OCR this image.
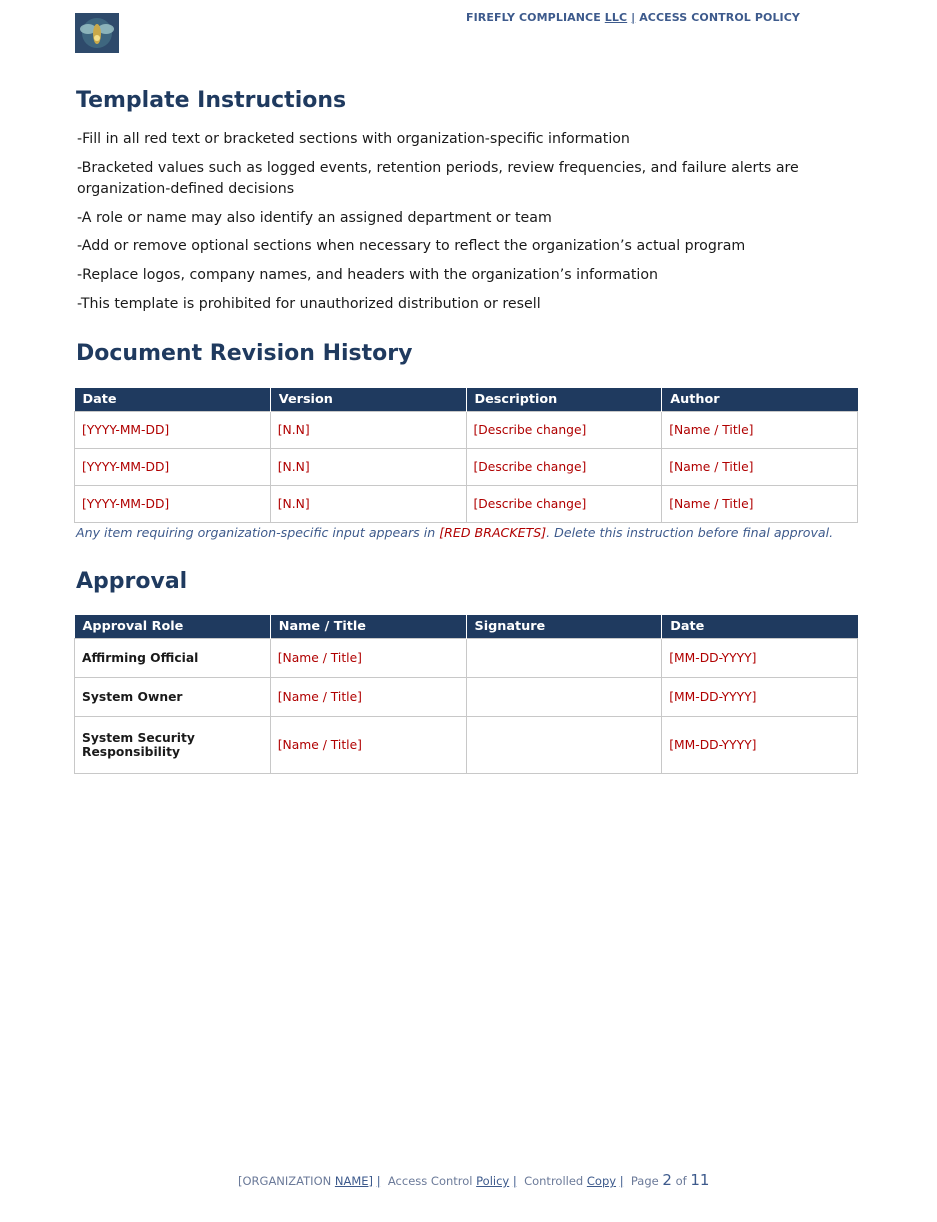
FIREFLY COMPLIANCE LLC | ACCESS CONTROL POLICY
Template Instructions
-Fill in all red text or bracketed sections with organization-specific information
-Bracketed values such as logged events, retention periods, review frequencies, and failure alerts are organization-defined decisions
-A role or name may also identify an assigned department or team
-Add or remove optional sections when necessary to reflect the organization’s actual program
-Replace logos, company names, and headers with the organization’s information
-This template is prohibited for unauthorized distribution or resell
Document Revision History
Date	Version	Description	Author
[YYYY-MM-DD]	[N.N]	[Describe change]	[Name / Title]
[YYYY-MM-DD]	[N.N]	[Describe change]	[Name / Title]
[YYYY-MM-DD]	[N.N]	[Describe change]	[Name / Title]
Any item requiring organization-specific input appears in [RED BRACKETS]. Delete this instruction before final approval.
Approval
Approval Role	Name / Title	Signature	Date
Affirming Official	[Name / Title]		[MM-DD-YYYY]
System Owner	[Name / Title]		[MM-DD-YYYY]
System Security Responsibility	[Name / Title]		[MM-DD-YYYY]
[ORGANIZATION NAME] | Access Control Policy | Controlled Copy | Page 2 of 11
